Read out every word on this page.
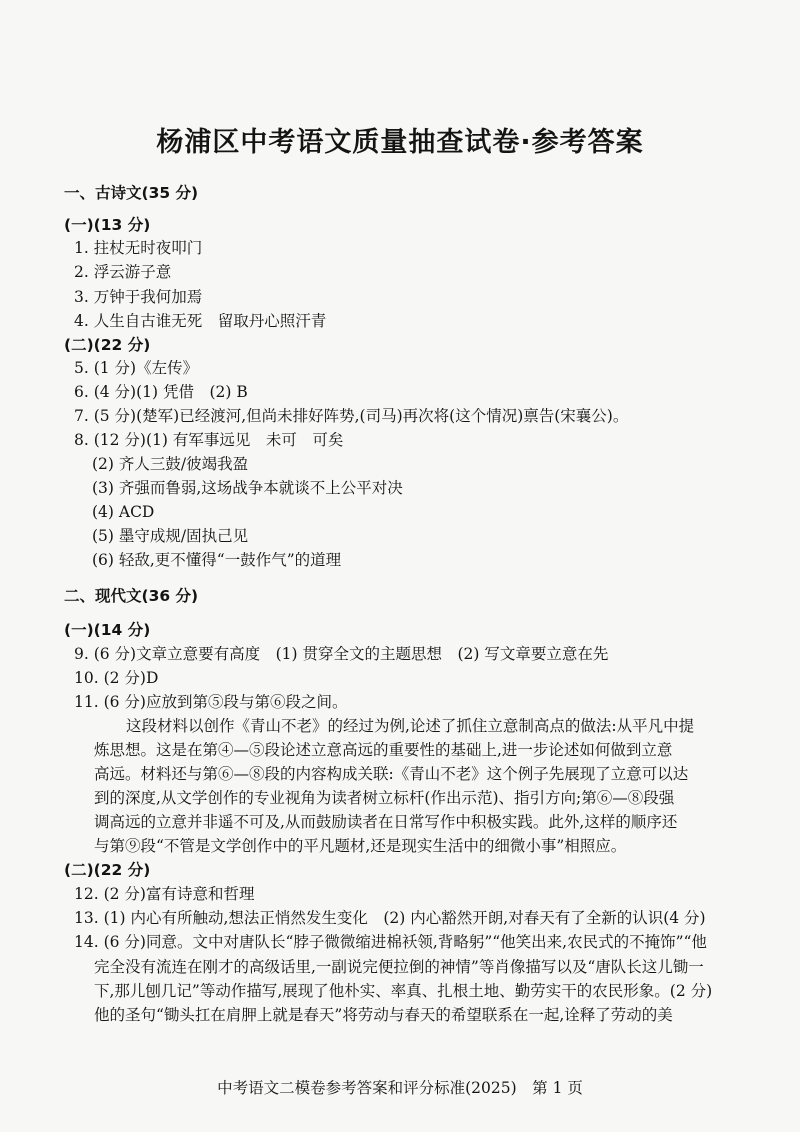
杨浦区中考语文质量抽查试卷·参考答案
一、古诗文(35 分)
(一)(13 分)
1. 拄杖无时夜叩门
2. 浮云游子意
3. 万钟于我何加焉
4. 人生自古谁无死　留取丹心照汗青
(二)(22 分)
5. (1 分)《左传》
6. (4 分)(1) 凭借　(2) B
7. (5 分)(楚军)已经渡河,但尚未排好阵势,(司马)再次将(这个情况)禀告(宋襄公)。
8. (12 分)(1) 有军事远见　未可　可矣
(2) 齐人三鼓/彼竭我盈
(3) 齐强而鲁弱,这场战争本就谈不上公平对决
(4) ACD
(5) 墨守成规/固执己见
(6) 轻敌,更不懂得“一鼓作气”的道理
二、现代文(36 分)
(一)(14 分)
9. (6 分)文章立意要有高度　(1) 贯穿全文的主题思想　(2) 写文章要立意在先
10. (2 分)D
11. (6 分)应放到第⑤段与第⑥段之间。
这段材料以创作《青山不老》的经过为例,论述了抓住立意制高点的做法:从平凡中提
炼思想。这是在第④—⑤段论述立意高远的重要性的基础上,进一步论述如何做到立意
高远。材料还与第⑥—⑧段的内容构成关联:《青山不老》这个例子先展现了立意可以达
到的深度,从文学创作的专业视角为读者树立标杆(作出示范)、指引方向;第⑥—⑧段强
调高远的立意并非遥不可及,从而鼓励读者在日常写作中积极实践。此外,这样的顺序还
与第⑨段“不管是文学创作中的平凡题材,还是现实生活中的细微小事”相照应。
(二)(22 分)
12. (2 分)富有诗意和哲理
13. (1) 内心有所触动,想法正悄然发生变化　(2) 内心豁然开朗,对春天有了全新的认识(4 分)
14. (6 分)同意。文中对唐队长“脖子微微缩进棉袄领,背略躬”“他笑出来,农民式的不掩饰”“他
完全没有流连在刚才的高级话里,一副说完便拉倒的神情”等肖像描写以及“唐队长这儿锄一
下,那儿刨几记”等动作描写,展现了他朴实、率真、扎根土地、勤劳实干的农民形象。(2 分)
他的圣句“锄头扛在肩胛上就是春天”将劳动与春天的希望联系在一起,诠释了劳动的美
中考语文二模卷参考答案和评分标准(2025)　第 1 页
